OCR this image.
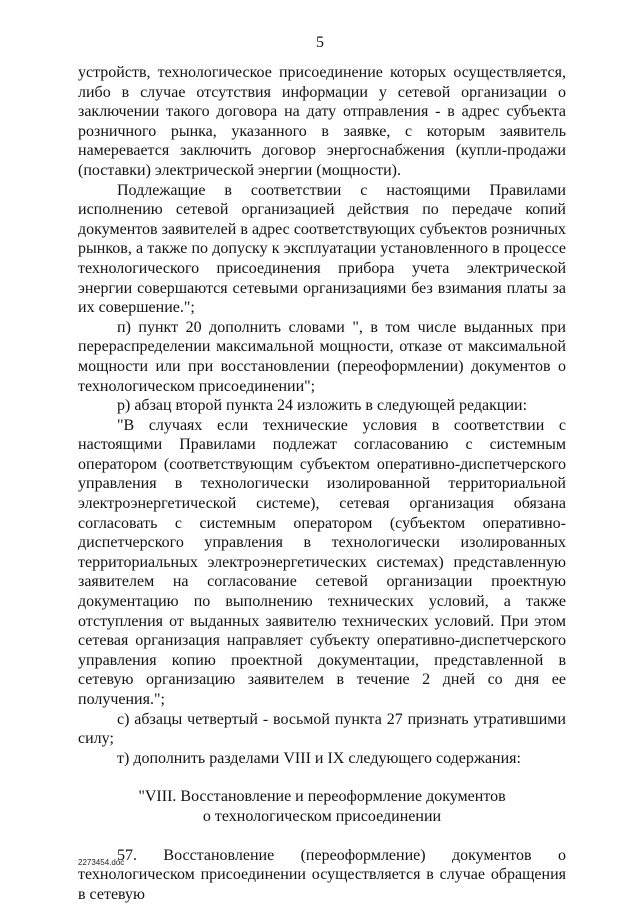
5

устройств, технологическое присоединение которых осуществляется, либо в случае отсутствия информации у сетевой организации о заключении такого договора на дату отправления - в адрес субъекта розничного рынка, указанного в заявке, с которым заявитель намеревается заключить договор энергоснабжения (купли-продажи (поставки) электрической энергии (мощности).

Подлежащие в соответствии с настоящими Правилами исполнению сетевой организацией действия по передаче копий документов заявителей в адрес соответствующих субъектов розничных рынков, а также по допуску к эксплуатации установленного в процессе технологического присоединения прибора учета электрической энергии совершаются сетевыми организациями без взимания платы за их совершение.";

п) пункт 20 дополнить словами ", в том числе выданных при перераспределении максимальной мощности, отказе от максимальной мощности или при восстановлении (переоформлении) документов о технологическом присоединении";

р) абзац второй пункта 24 изложить в следующей редакции:

"В случаях если технические условия в соответствии с настоящими Правилами подлежат согласованию с системным оператором (соответствующим субъектом оперативно-диспетчерского управления в технологически изолированной территориальной электроэнергетической системе), сетевая организация обязана согласовать с системным оператором (субъектом оперативно-диспетчерского управления в технологически изолированных территориальных электроэнергетических системах) представленную заявителем на согласование сетевой организации проектную документацию по выполнению технических условий, а также отступления от выданных заявителю технических условий. При этом сетевая организация направляет субъекту оперативно-диспетчерского управления копию проектной документации, представленной в сетевую организацию заявителем в течение 2 дней со дня ее получения.";

с) абзацы четвертый - восьмой пункта 27 признать утратившими силу;

т) дополнить разделами VIII и IX следующего содержания:

"VIII. Восстановление и переоформление документов
о технологическом присоединении

57. Восстановление (переоформление) документов о технологическом присоединении осуществляется в случае обращения в сетевую

2273454.doc
